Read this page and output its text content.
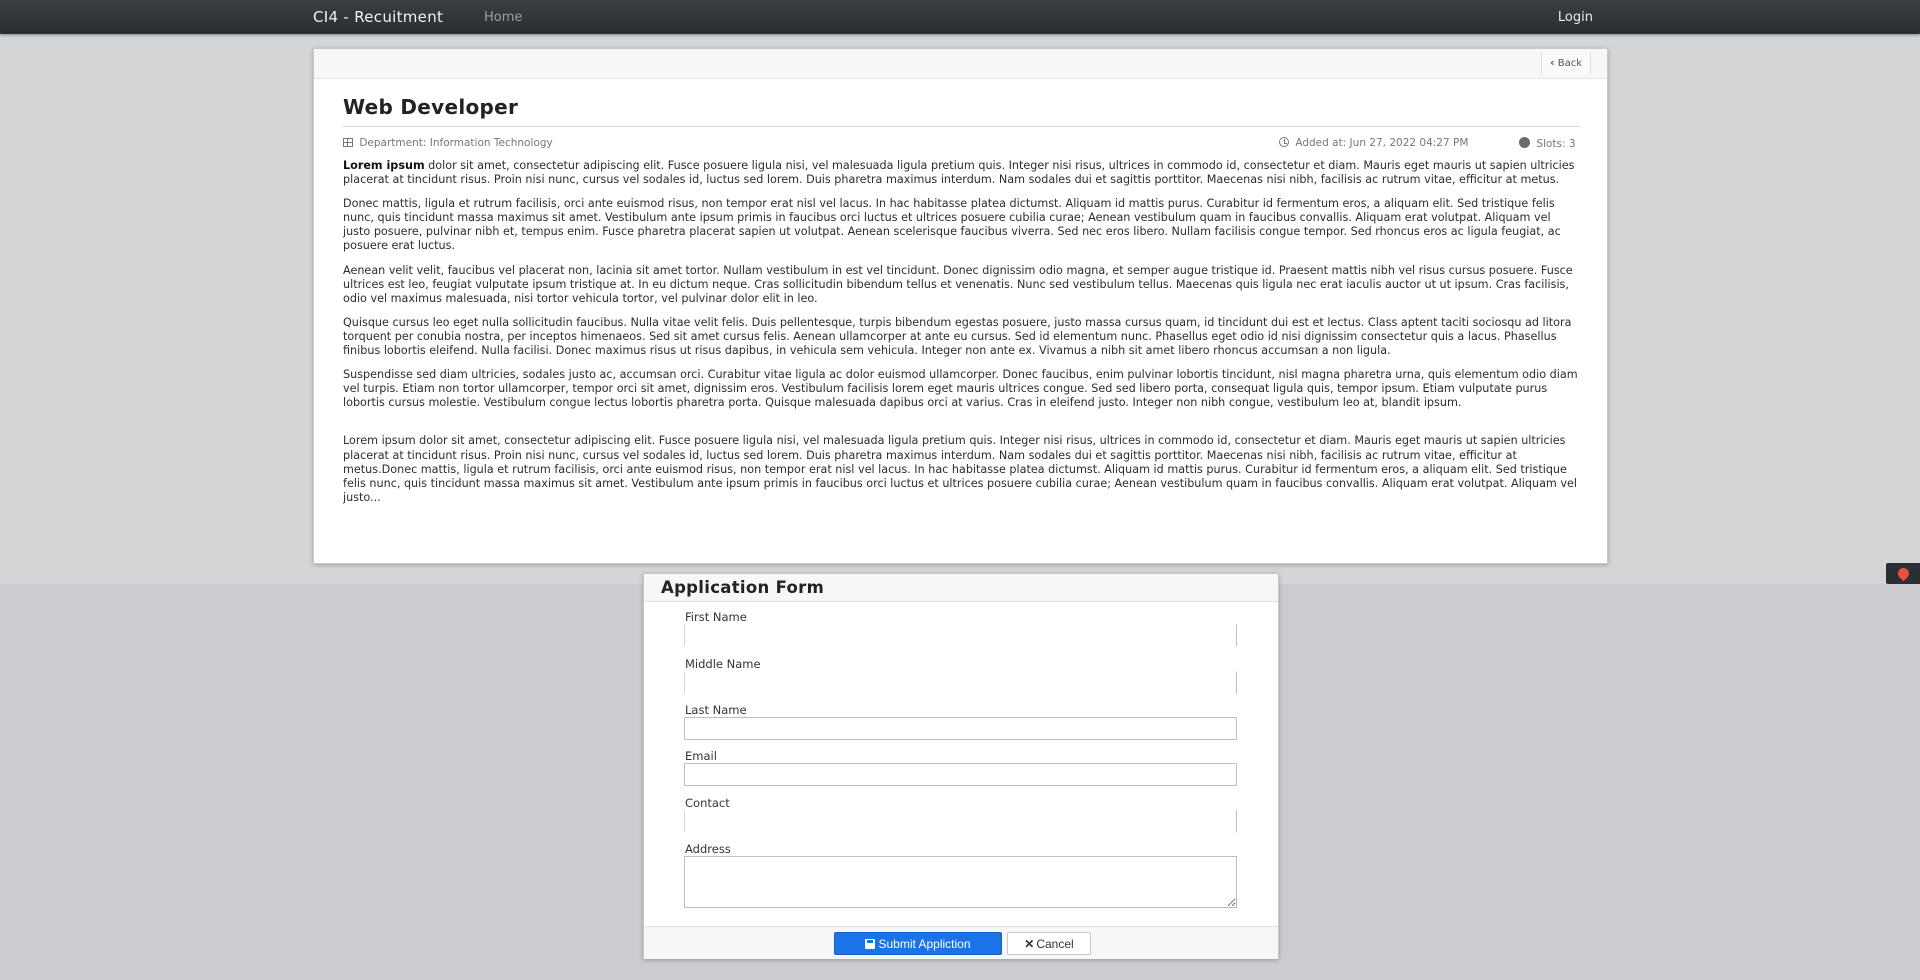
CI4 - Recuitment	Home	Login
‹ Back
Web Developer
Department: Information Technology	Added at: Jun 27, 2022 04:27 PM	Slots: 3

Lorem ipsum dolor sit amet, consectetur adipiscing elit. Fusce posuere ligula nisi, vel malesuada ligula pretium quis. Integer nisi risus, ultrices in commodo id, consectetur et diam. Mauris eget mauris ut sapien ultricies placerat at tincidunt risus. Proin nisi nunc, cursus vel sodales id, luctus sed lorem. Duis pharetra maximus interdum. Nam sodales dui et sagittis porttitor. Maecenas nisi nibh, facilisis ac rutrum vitae, efficitur at metus.

Donec mattis, ligula et rutrum facilisis, orci ante euismod risus, non tempor erat nisl vel lacus. In hac habitasse platea dictumst. Aliquam id mattis purus. Curabitur id fermentum eros, a aliquam elit. Sed tristique felis nunc, quis tincidunt massa maximus sit amet. Vestibulum ante ipsum primis in faucibus orci luctus et ultrices posuere cubilia curae; Aenean vestibulum quam in faucibus convallis. Aliquam erat volutpat. Aliquam vel justo posuere, pulvinar nibh et, tempus enim. Fusce pharetra placerat sapien ut volutpat. Aenean scelerisque faucibus viverra. Sed nec eros libero. Nullam facilisis congue tempor. Sed rhoncus eros ac ligula feugiat, ac posuere erat luctus.

Aenean velit velit, faucibus vel placerat non, lacinia sit amet tortor. Nullam vestibulum in est vel tincidunt. Donec dignissim odio magna, et semper augue tristique id. Praesent mattis nibh vel risus cursus posuere. Fusce ultrices est leo, feugiat vulputate ipsum tristique at. In eu dictum neque. Cras sollicitudin bibendum tellus et venenatis. Nunc sed vestibulum tellus. Maecenas quis ligula nec erat iaculis auctor ut ut ipsum. Cras facilisis, odio vel maximus malesuada, nisi tortor vehicula tortor, vel pulvinar dolor elit in leo.

Quisque cursus leo eget nulla sollicitudin faucibus. Nulla vitae velit felis. Duis pellentesque, turpis bibendum egestas posuere, justo massa cursus quam, id tincidunt dui est et lectus. Class aptent taciti sociosqu ad litora torquent per conubia nostra, per inceptos himenaeos. Sed sit amet cursus felis. Aenean ullamcorper at ante eu cursus. Sed id elementum nunc. Phasellus eget odio id nisi dignissim consectetur quis a lacus. Phasellus finibus lobortis eleifend. Nulla facilisi. Donec maximus risus ut risus dapibus, in vehicula sem vehicula. Integer non ante ex. Vivamus a nibh sit amet libero rhoncus accumsan a non ligula.

Suspendisse sed diam ultricies, sodales justo ac, accumsan orci. Curabitur vitae ligula ac dolor euismod ullamcorper. Donec faucibus, enim pulvinar lobortis tincidunt, nisl magna pharetra urna, quis elementum odio diam vel turpis. Etiam non tortor ullamcorper, tempor orci sit amet, dignissim eros. Vestibulum facilisis lorem eget mauris ultrices congue. Sed sed libero porta, consequat ligula quis, tempor ipsum. Etiam vulputate purus lobortis cursus molestie. Vestibulum congue lectus lobortis pharetra porta. Quisque malesuada dapibus orci at varius. Cras in eleifend justo. Integer non nibh congue, vestibulum leo at, blandit ipsum.

Lorem ipsum dolor sit amet, consectetur adipiscing elit. Fusce posuere ligula nisi, vel malesuada ligula pretium quis. Integer nisi risus, ultrices in commodo id, consectetur et diam. Mauris eget mauris ut sapien ultricies placerat at tincidunt risus. Proin nisi nunc, cursus vel sodales id, luctus sed lorem. Duis pharetra maximus interdum. Nam sodales dui et sagittis porttitor. Maecenas nisi nibh, facilisis ac rutrum vitae, efficitur at metus.Donec mattis, ligula et rutrum facilisis, orci ante euismod risus, non tempor erat nisl vel lacus. In hac habitasse platea dictumst. Aliquam id mattis purus. Curabitur id fermentum eros, a aliquam elit. Sed tristique felis nunc, quis tincidunt massa maximus sit amet. Vestibulum ante ipsum primis in faucibus orci luctus et ultrices posuere cubilia curae; Aenean vestibulum quam in faucibus convallis. Aliquam erat volutpat. Aliquam vel justo...

Application Form
First Name
Middle Name
Last Name
Email
Contact
Address
Submit Appliction	✕ Cancel
